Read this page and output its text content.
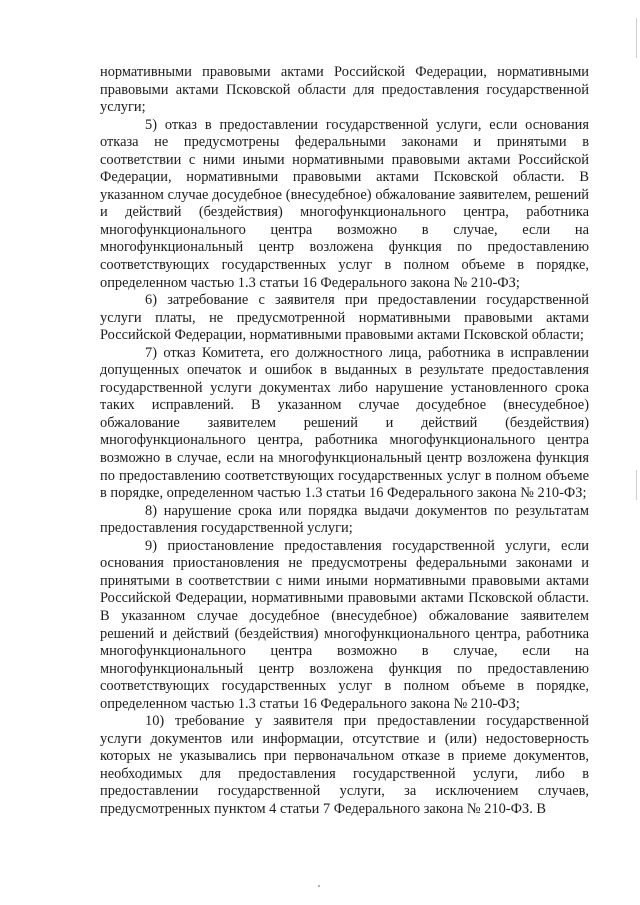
нормативными правовыми актами Российской Федерации, нормативными правовыми актами Псковской области для предоставления государственной услуги;

5) отказ в предоставлении государственной услуги, если основания отказа не предусмотрены федеральными законами и принятыми в соответствии с ними иными нормативными правовыми актами Российской Федерации, нормативными правовыми актами Псковской области. В указанном случае досудебное (внесудебное) обжалование заявителем, решений и действий (бездействия) многофункционального центра, работника многофункционального центра возможно в случае, если на многофункциональный центр возложена функция по предоставлению соответствующих государственных услуг в полном объеме в порядке, определенном частью 1.3 статьи 16 Федерального закона № 210-ФЗ;

6) затребование с заявителя при предоставлении государственной услуги платы, не предусмотренной нормативными правовыми актами Российской Федерации, нормативными правовыми актами Псковской области;

7) отказ Комитета, его должностного лица, работника в исправлении допущенных опечаток и ошибок в выданных в результате предоставления государственной услуги документах либо нарушение установленного срока таких исправлений. В указанном случае досудебное (внесудебное) обжалование заявителем решений и действий (бездействия) многофункционального центра, работника многофункционального центра возможно в случае, если на многофункциональный центр возложена функция по предоставлению соответствующих государственных услуг в полном объеме в порядке, определенном частью 1.3 статьи 16 Федерального закона № 210-ФЗ;

8) нарушение срока или порядка выдачи документов по результатам предоставления государственной услуги;

9) приостановление предоставления государственной услуги, если основания приостановления не предусмотрены федеральными законами и принятыми в соответствии с ними иными нормативными правовыми актами Российской Федерации, нормативными правовыми актами Псковской области. В указанном случае досудебное (внесудебное) обжалование заявителем решений и действий (бездействия) многофункционального центра, работника многофункционального центра возможно в случае, если на многофункциональный центр возложена функция по предоставлению соответствующих государственных услуг в полном объеме в порядке, определенном частью 1.3 статьи 16 Федерального закона № 210-ФЗ;

10) требование у заявителя при предоставлении государственной услуги документов или информации, отсутствие и (или) недостоверность которых не указывались при первоначальном отказе в приеме документов, необходимых для предоставления государственной услуги, либо в предоставлении государственной услуги, за исключением случаев, предусмотренных пунктом 4 статьи 7 Федерального закона № 210-ФЗ. В
